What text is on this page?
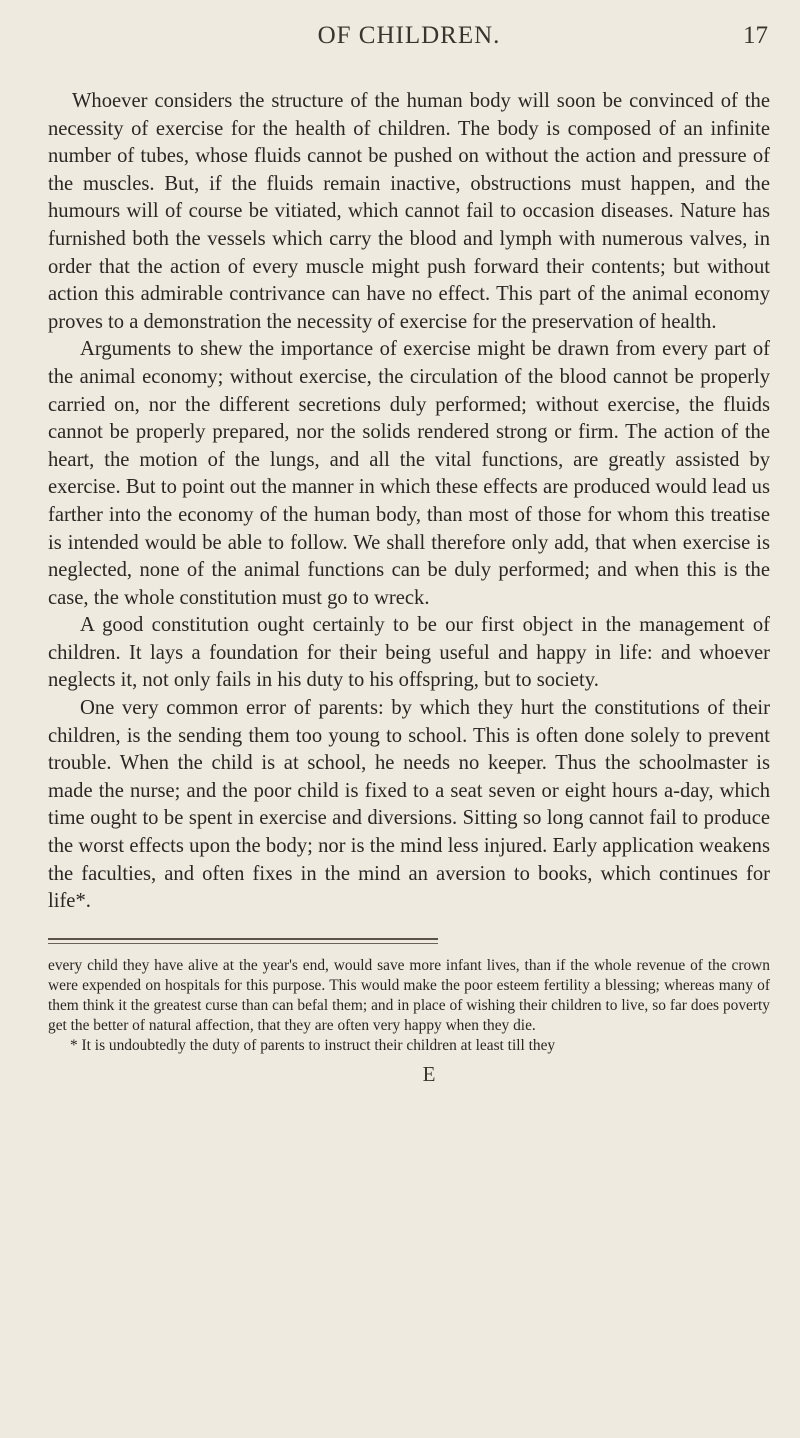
OF CHILDREN.	17

Whoever considers the structure of the human body will soon be convinced of the necessity of exercise for the health of children. The body is composed of an infinite number of tubes, whose fluids cannot be pushed on without the action and pressure of the muscles. But, if the fluids remain inactive, obstructions must happen, and the humours will of course be vitiated, which cannot fail to occasion diseases. Nature has furnished both the vessels which carry the blood and lymph with numerous valves, in order that the action of every muscle might push forward their contents; but without action this admirable contrivance can have no effect. This part of the animal economy proves to a demonstration the necessity of exercise for the preservation of health.

Arguments to shew the importance of exercise might be drawn from every part of the animal economy; without exercise, the circulation of the blood cannot be properly carried on, nor the different secretions duly performed; without exercise, the fluids cannot be properly prepared, nor the solids rendered strong or firm. The action of the heart, the motion of the lungs, and all the vital functions, are greatly assisted by exercise. But to point out the manner in which these effects are produced would lead us farther into the economy of the human body, than most of those for whom this treatise is intended would be able to follow. We shall therefore only add, that when exercise is neglected, none of the animal functions can be duly performed; and when this is the case, the whole constitution must go to wreck.

A good constitution ought certainly to be our first object in the management of children. It lays a foundation for their being useful and happy in life: and whoever neglects it, not only fails in his duty to his offspring, but to society.

One very common error of parents: by which they hurt the constitutions of their children, is the sending them too young to school. This is often done solely to prevent trouble. When the child is at school, he needs no keeper. Thus the schoolmaster is made the nurse; and the poor child is fixed to a seat seven or eight hours a-day, which time ought to be spent in exercise and diversions. Sitting so long cannot fail to produce the worst effects upon the body; nor is the mind less injured. Early application weakens the faculties, and often fixes in the mind an aversion to books, which continues for life*.

every child they have alive at the year's end, would save more infant lives, than if the whole revenue of the crown were expended on hospitals for this purpose. This would make the poor esteem fertility a blessing; whereas many of them think it the greatest curse than can befal them; and in place of wishing their children to live, so far does poverty get the better of natural affection, that they are often very happy when they die.

* It is undoubtedly the duty of parents to instruct their children at least till they

E
